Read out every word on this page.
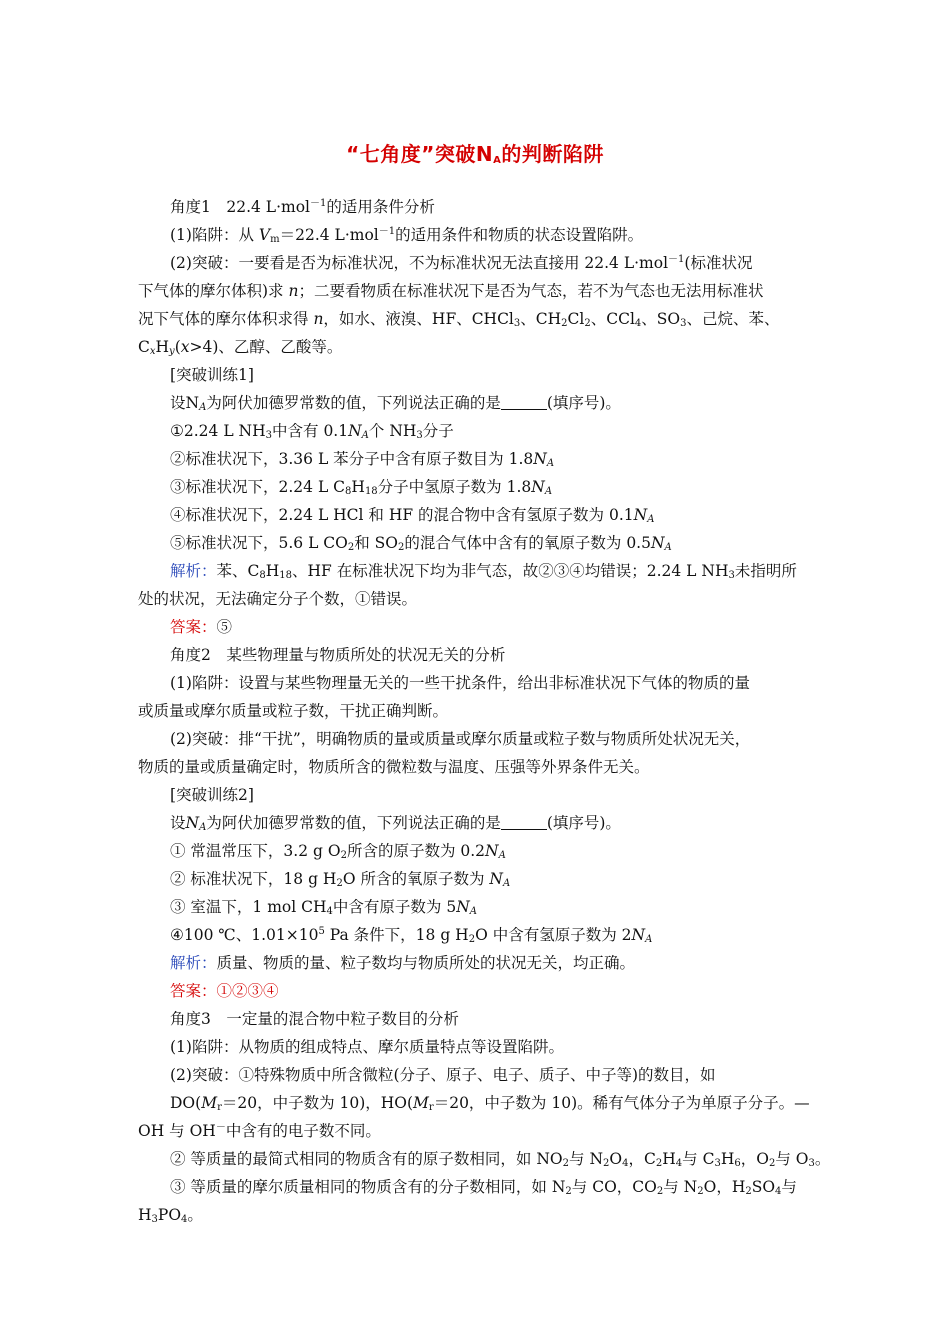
“七角度”突破$N_A$的判断陷阱
角度1　22.4 L·mol$^{-1}$的适用条件分析
(1)陷阱：从 $V_m=22.4$ L·mol$^{-1}$的适用条件和物质的状态设置陷阱。
(2)突破：一要看是否为标准状况，不为标准状况无法直接用 22.4 L·mol$^{-1}$(标准状况
下气体的摩尔体积)求 n；二要看物质在标准状况下是否为气态，若不为气态也无法用标准状
况下气体的摩尔体积求得 n，如水、液溴、HF、CHCl$_3$、$CH_2Cl_2$、CCl$_4$、$SO_3$、己烷、苯、
$C_xH_y(x>4)$、乙醇、乙酸等。
[突破训练1]
设$N_A$为阿伏加德罗常数的值，下列说法正确的是	(填序号)。
①2.24 L $NH_3$中含有 $0.1N_A$个 $NH_3$分子
②标准状况下，3.36 L 苯分子中含有原子数目为 $1.8N_A$
③标准状况下，2.24 L $C_8H_{18}$分子中氢原子数为 $1.8N_A$
④标准状况下，2.24 L HCl 和 HF 的混合物中含有氢原子数为 $0.1N_A$
⑤标准状况下，5.6 L $CO_2$和 $SO_2$的混合气体中含有的氧原子数为 $0.5N_A$
解析：苯、$C_8H_{18}$、HF 在标准状况下均为非气态，故②③④均错误；2.24 L $NH_3$未指明所
处的状况，无法确定分子个数，①错误。
答案：⑤
角度2　某些物理量与物质所处的状况无关的分析
(1)陷阱：设置与某些物理量无关的一些干扰条件，给出非标准状况下气体的物质的量
或质量或摩尔质量或粒子数，干扰正确判断。
(2)突破：排“干扰”，明确物质的量或质量或摩尔质量或粒子数与物质所处状况无关，
物质的量或质量确定时，物质所含的微粒数与温度、压强等外界条件无关。
[突破训练2]
设$N_A$为阿伏加德罗常数的值，下列说法正确的是	(填序号)。
① 常温常压下，3.2 g $O_2$所含的原子数为 $0.2N_A$
② 标准状况下，18 g $H_2O$ 所含的氧原子数为 $N_A$
③ 室温下，1 mol $CH_4$中含有原子数为 $5N_A$
④100 ℃、$1.01\times 10^5$ Pa 条件下，18 g $H_2O$ 中含有氢原子数为 $2N_A$
解析：质量、物质的量、粒子数均与物质所处的状况无关，均正确。
答案：①②③④
角度3　一定量的混合物中粒子数目的分析
(1)陷阱：从物质的组成特点、摩尔质量特点等设置陷阱。
(2)突破：①特殊物质中所含微粒(分子、原子、电子、质子、中子等)的数目，如
$DO(M_r=20$，中子数为 10)，$HO(M_r=20$，中子数为 10)。稀有气体分子为单原子分子。—
OH 与 OH－中含有的电子数不同。
② 等质量的最简式相同的物质含有的原子数相同，如 $NO_2$与 $N_2O_4$，$C_2H_4$与 $C_3H_6$，$O_2$与 $O_3$。
③ 等质量的摩尔质量相同的物质含有的分子数相同，如 $N_2$与 CO，$CO_2$与 $N_2O$，$H_2SO_4$与
$H_3PO_4$。
